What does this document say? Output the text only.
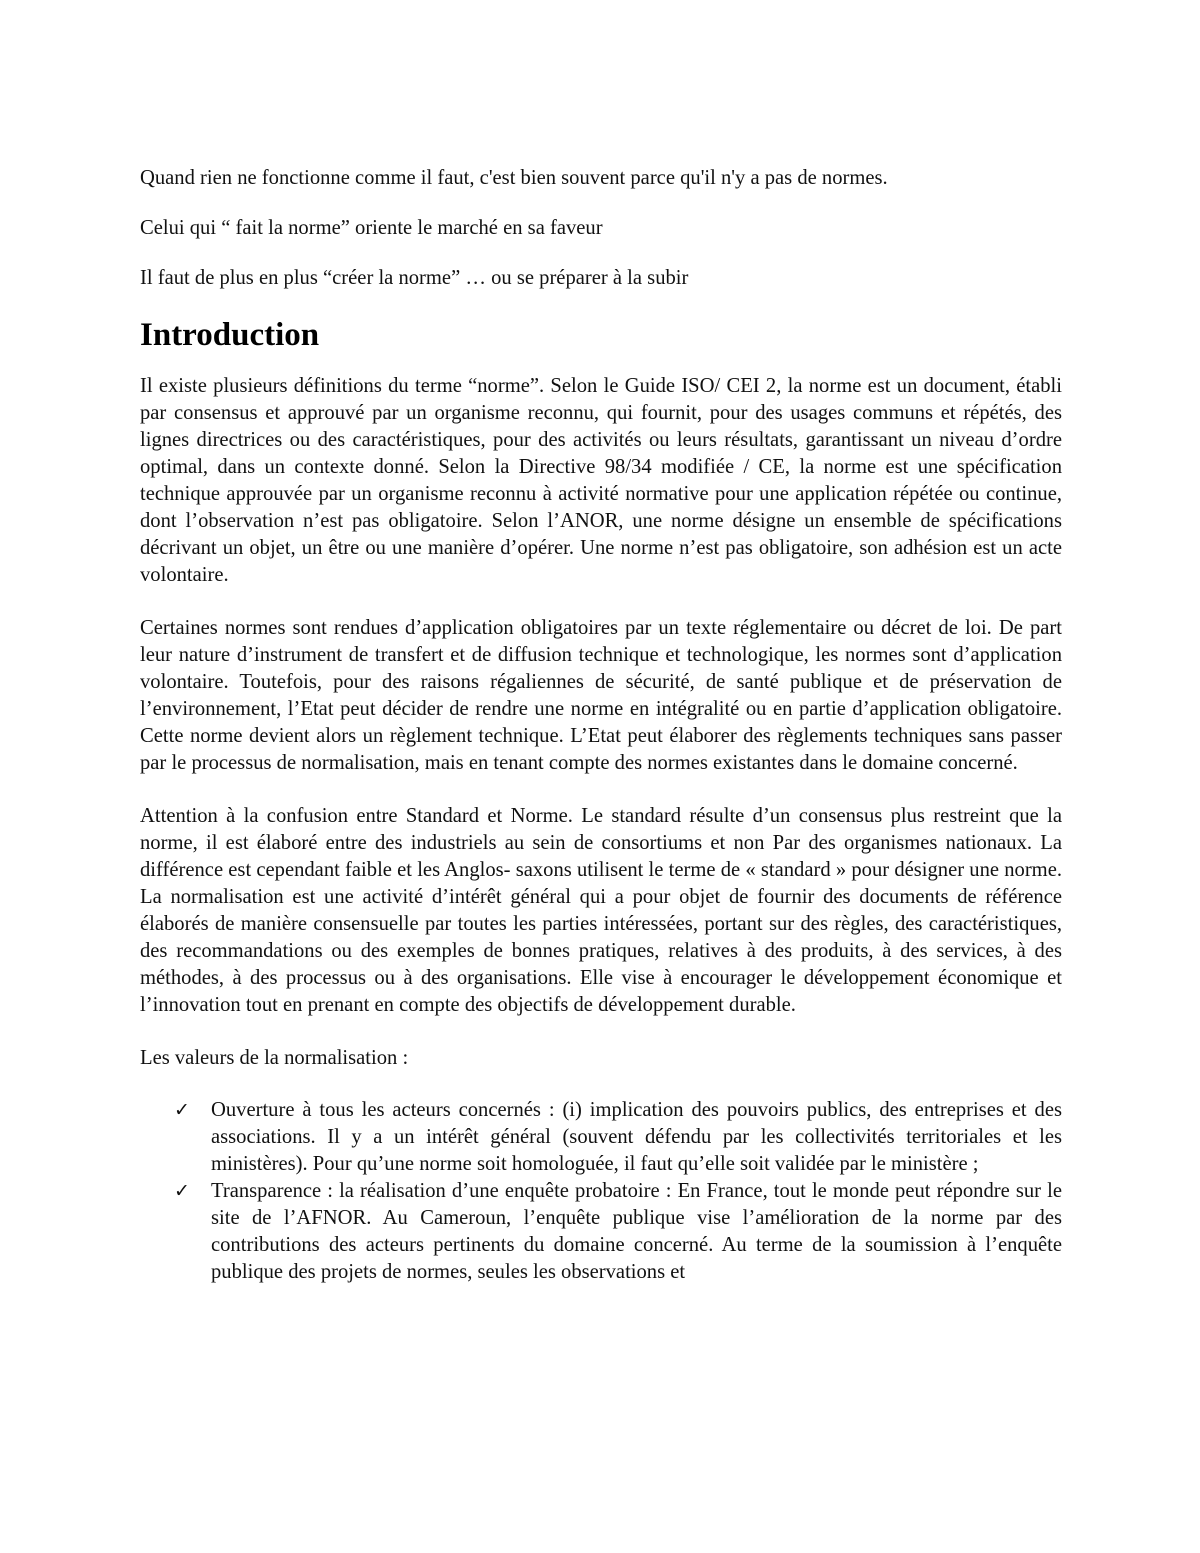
Quand rien ne fonctionne comme il faut, c'est bien souvent parce qu'il n'y a pas de normes.

Celui qui “ fait la norme” oriente le marché en sa faveur

Il faut de plus en plus “créer la norme” … ou se préparer à la subir

Introduction

Il existe plusieurs définitions du terme “norme”. Selon le Guide ISO/ CEI 2, la norme est un document, établi par consensus et approuvé par un organisme reconnu, qui fournit, pour des usages communs et répétés, des lignes directrices ou des caractéristiques, pour des activités ou leurs résultats, garantissant un niveau d’ordre optimal, dans un contexte donné. Selon la Directive 98/34 modifiée / CE, la norme est une spécification technique approuvée par un organisme reconnu à activité normative pour une application répétée ou continue, dont l’observation n’est pas obligatoire. Selon l’ANOR, une norme désigne un ensemble de spécifications décrivant un objet, un être ou une manière d’opérer. Une norme n’est pas obligatoire, son adhésion est un acte volontaire.

Certaines normes sont rendues d’application obligatoires par un texte réglementaire ou décret de loi. De part leur nature d’instrument de transfert et de diffusion technique et technologique, les normes sont d’application volontaire. Toutefois, pour des raisons régaliennes de sécurité, de santé publique et de préservation de l’environnement, l’Etat peut décider de rendre une norme en intégralité ou en partie d’application obligatoire. Cette norme devient alors un règlement technique. L’Etat peut élaborer des règlements techniques sans passer par le processus de normalisation, mais en tenant compte des normes existantes dans le domaine concerné.

Attention à la confusion entre Standard et Norme. Le standard résulte d’un consensus plus restreint que la norme, il est élaboré entre des industriels au sein de consortiums et non Par des organismes nationaux. La différence est cependant faible et les Anglos- saxons utilisent le terme de « standard » pour désigner une norme. La normalisation est une activité d’intérêt général qui a pour objet de fournir des documents de référence élaborés de manière consensuelle par toutes les parties intéressées, portant sur des règles, des caractéristiques, des recommandations ou des exemples de bonnes pratiques, relatives à des produits, à des services, à des méthodes, à des processus ou à des organisations. Elle vise à encourager le développement économique et l’innovation tout en prenant en compte des objectifs de développement durable.

Les valeurs de la normalisation :

✓ Ouverture à tous les acteurs concernés : (i) implication des pouvoirs publics, des entreprises et des associations. Il y a un intérêt général (souvent défendu par les collectivités territoriales et les ministères). Pour qu’une norme soit homologuée, il faut qu’elle soit validée par le ministère ;
✓ Transparence : la réalisation d’une enquête probatoire : En France, tout le monde peut répondre sur le site de l’AFNOR. Au Cameroun, l’enquête publique vise l’amélioration de la norme par des contributions des acteurs pertinents du domaine concerné. Au terme de la soumission à l’enquête publique des projets de normes, seules les observations et
